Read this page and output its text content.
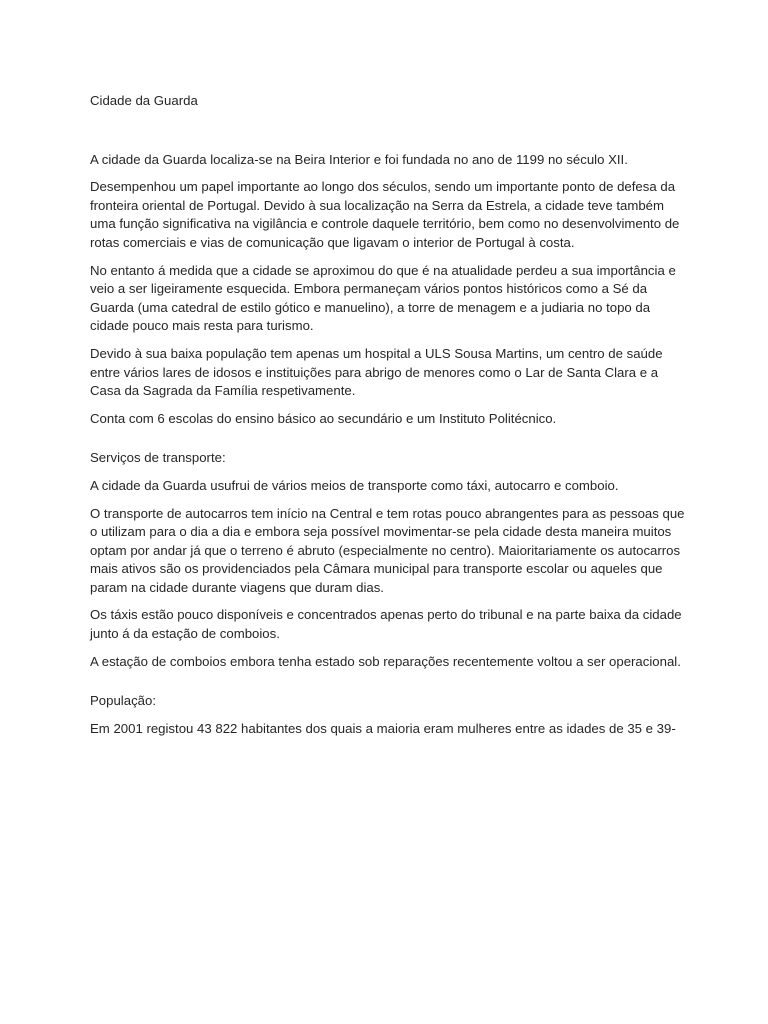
Cidade da Guarda

A cidade da Guarda localiza-se na Beira Interior e foi fundada no ano de 1199 no século XII.

Desempenhou um papel importante ao longo dos séculos, sendo um importante ponto de defesa da fronteira oriental de Portugal. Devido à sua localização na Serra da Estrela, a cidade teve também uma função significativa na vigilância e controle daquele território, bem como no desenvolvimento de rotas comerciais e vias de comunicação que ligavam o interior de Portugal à costa.

No entanto á medida que a cidade se aproximou do que é na atualidade perdeu a sua importância e veio a ser ligeiramente esquecida. Embora permaneçam vários pontos históricos como a Sé da Guarda (uma catedral de estilo gótico e manuelino), a torre de menagem e a judiaria no topo da cidade pouco mais resta para turismo.

Devido à sua baixa população tem apenas um hospital a ULS Sousa Martins, um centro de saúde entre vários lares de idosos e instituições para abrigo de menores como o Lar de Santa Clara e a Casa da Sagrada da Família respetivamente.

Conta com 6 escolas do ensino básico ao secundário e um Instituto Politécnico.

Serviços de transporte:

A cidade da Guarda usufrui de vários meios de transporte como táxi, autocarro e comboio.

O transporte de autocarros tem início na Central e tem rotas pouco abrangentes para as pessoas que o utilizam para o dia a dia e embora seja possível movimentar-se pela cidade desta maneira muitos optam por andar já que o terreno é abruto (especialmente no centro). Maioritariamente os autocarros mais ativos são os providenciados pela Câmara municipal para transporte escolar ou aqueles que param na cidade durante viagens que duram dias.

Os táxis estão pouco disponíveis e concentrados apenas perto do tribunal e na parte baixa da cidade junto á da estação de comboios.

A estação de comboios embora tenha estado sob reparações recentemente voltou a ser operacional.

População:

Em 2001 registou 43 822 habitantes dos quais a maioria eram mulheres entre as idades de 35 e 39-
